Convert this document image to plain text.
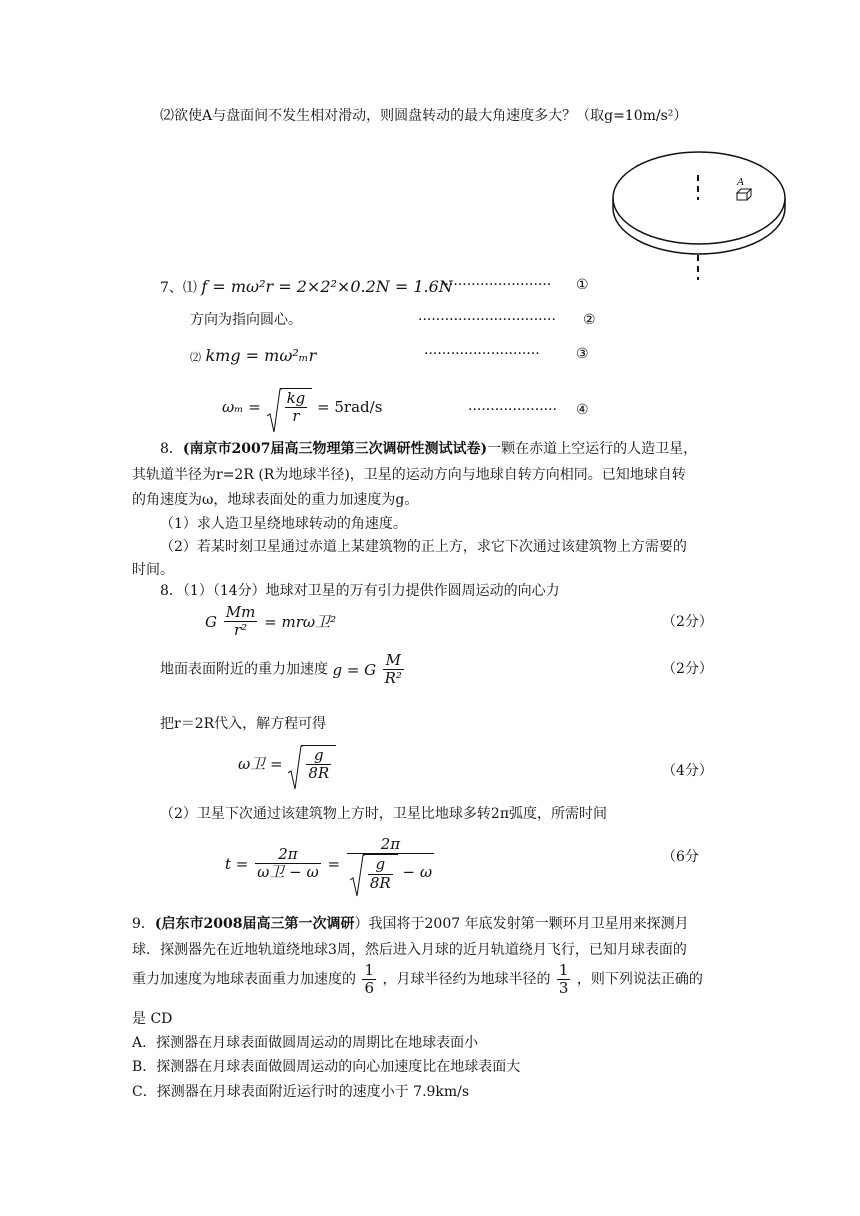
⑵欲使A与盘面间不发生相对滑动，则圆盘转动的最大角速度多大？（取g=10m/s²）
A
7、⑴ f = mω²r = 2×2²×0.2N = 1.6N
························· ①
方向为指向圆心。	······························· ②
⑵ kmg = mω²ₘr	··························	③
$\omega_m = \frac{kg}{r} = 5rad/s$	···················· ④
8．(南京市2007届高三物理第三次调研性测试试卷)一颗在赤道上空运行的人造卫星，
其轨道半径为r=2R (R为地球半径)，卫星的运动方向与地球自转方向相同。已知地球自转
的角速度为ω，地球表面处的重力加速度为g。
（1）求人造卫星绕地球转动的角速度。
（2）若某时刻卫星通过赤道上某建筑物的正上方，求它下次通过该建筑物上方需要的
时间。
8．（1）（14分）地球对卫星的万有引力提供作圆周运动的向心力
G $\frac{Mm}{\text{r²}} = mr\omega$卫²	（2分）
地面表面附近的重力加速度 g = G $\frac{M}{\text{R²}}$	（2分）
把r＝2R代入，解方程可得
ω卫 = $\frac{g}{8R}$	（4分）
（2）卫星下次通过该建筑物上方时，卫星比地球多转2π弧度，所需时间
$t = \frac{2\pi}{\text{ω卫 − ω}} = \frac{2\pi}{\frac{g}{8R} - \omega}$	（6分
9．(启东市2008届高三第一次调研）我国将于2007 年底发射第一颗环月卫星用来探测月
球．探测器先在近地轨道绕地球3周，然后进入月球的近月轨道绕月飞行，已知月球表面的
重力加速度为地球表面重力加速度的 $\frac{1}{6}$ ，月球半径约为地球半径的 $\frac{1}{3}$ ，则下列说法正确的
是 CD
A．探测器在月球表面做圆周运动的周期比在地球表面小
B．探测器在月球表面做圆周运动的向心加速度比在地球表面大
C．探测器在月球表面附近运行时的速度小于 7.9km/s
